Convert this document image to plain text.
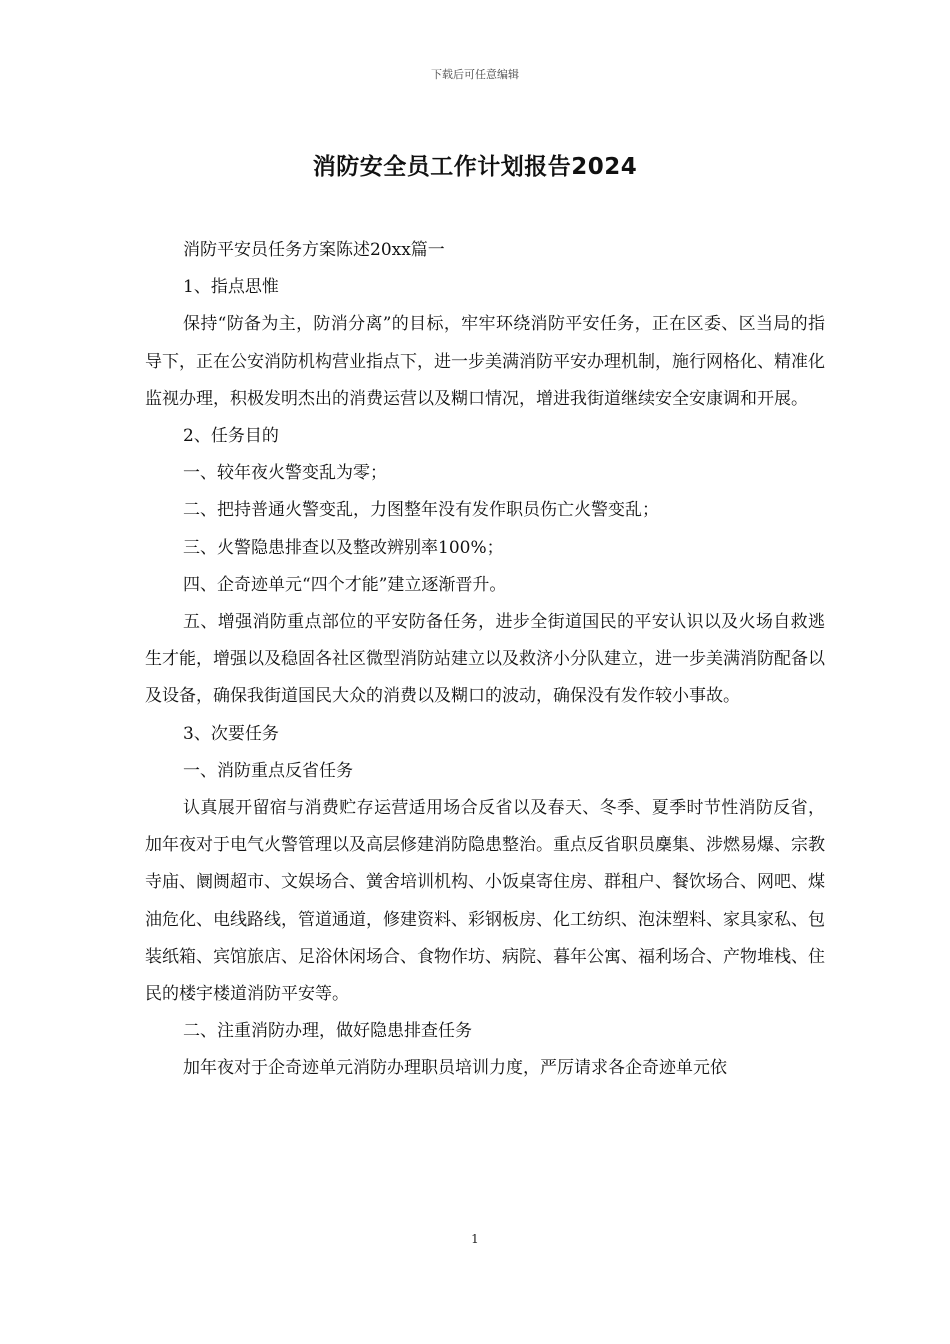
下载后可任意编辑
消防安全员工作计划报告2024

消防平安员任务方案陈述20xx篇一

1、指点思惟

保持“防备为主，防消分离”的目标，牢牢环绕消防平安任务，正在区委、区当局的指导下，正在公安消防机构营业指点下，进一步美满消防平安办理机制，施行网格化、精准化监视办理，积极发明杰出的消费运营以及糊口情况，增进我街道继续安全安康调和开展。

2、任务目的

一、较年夜火警变乱为零；

二、把持普通火警变乱，力图整年没有发作职员伤亡火警变乱；

三、火警隐患排查以及整改辨别率100%；

四、企奇迹单元“四个才能”建立逐渐晋升。

五、增强消防重点部位的平安防备任务，进步全街道国民的平安认识以及火场自救逃生才能，增强以及稳固各社区微型消防站建立以及救济小分队建立，进一步美满消防配备以及设备，确保我街道国民大众的消费以及糊口的波动，确保没有发作较小事故。

3、次要任务

一、消防重点反省任务

认真展开留宿与消费贮存运营适用场合反省以及春天、冬季、夏季时节性消防反省，加年夜对于电气火警管理以及高层修建消防隐患整治。重点反省职员麇集、涉燃易爆、宗教寺庙、阛阓超市、文娱场合、黉舍培训机构、小饭桌寄住房、群租户、餐饮场合、网吧、煤油危化、电线路线，管道通道，修建资料、彩钢板房、化工纺织、泡沫塑料、家具家私、包装纸箱、宾馆旅店、足浴休闲场合、食物作坊、病院、暮年公寓、福利场合、产物堆栈、住民的楼宇楼道消防平安等。

二、注重消防办理，做好隐患排查任务

加年夜对于企奇迹单元消防办理职员培训力度，严厉请求各企奇迹单元依

1
